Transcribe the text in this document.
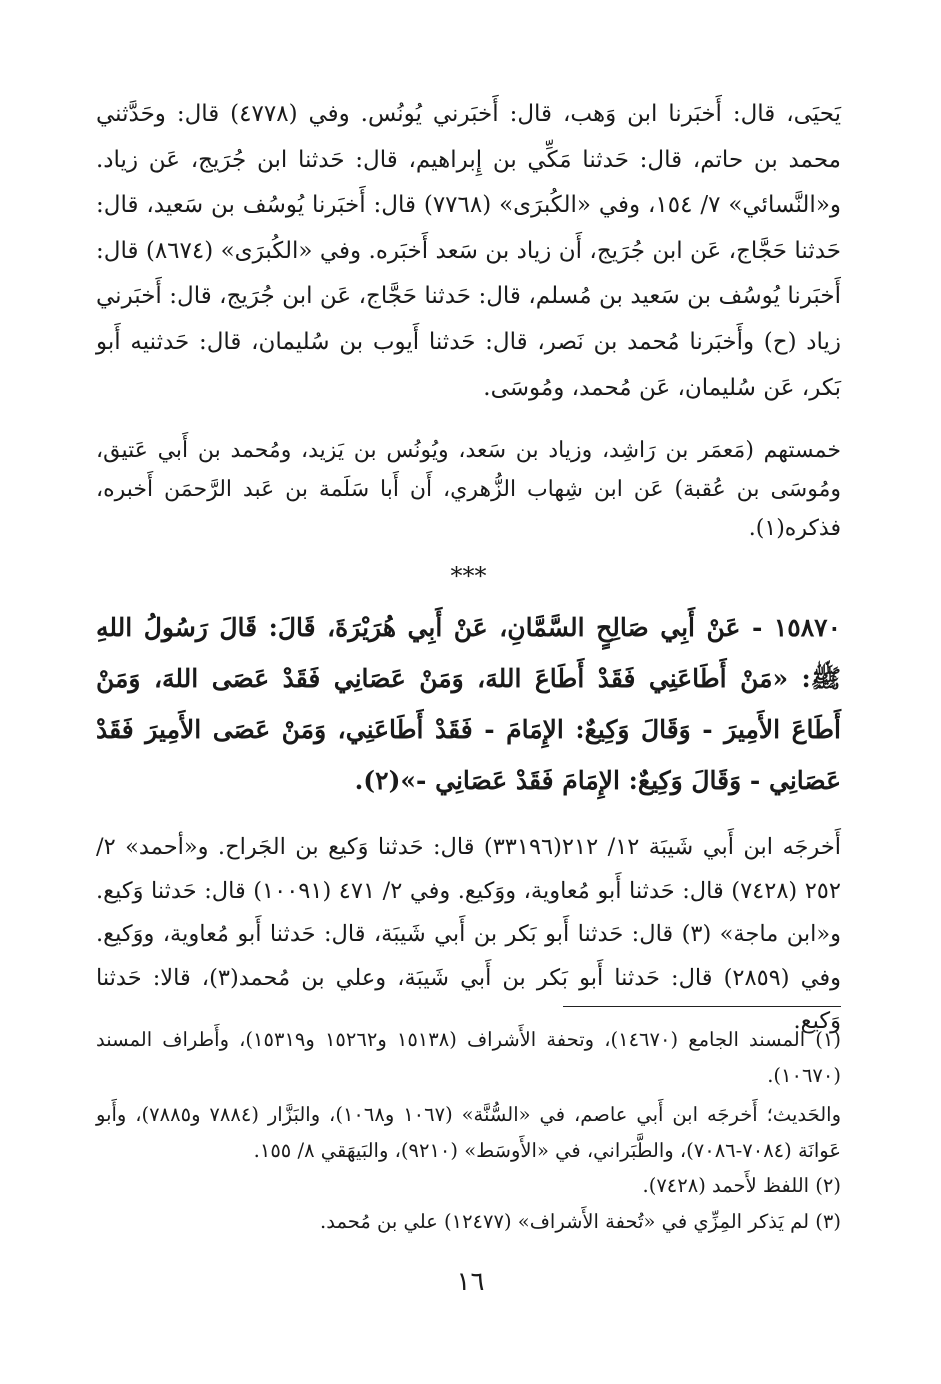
يَحيَى، قال: أَخبَرنا ابن وَهب، قال: أَخبَرني يُونُس. وفي (٤٧٧٨) قال: وحَدَّثني محمد بن حاتم، قال: حَدثنا مَكِّي بن إِبراهيم، قال: حَدثنا ابن جُرَيج، عَن زياد. و«النَّسائي» ٧/ ١٥٤، وفي «الكُبرَى» (٧٧٦٨) قال: أَخبَرنا يُوسُف بن سَعيد، قال: حَدثنا حَجَّاج، عَن ابن جُرَيج، أَن زياد بن سَعد أَخبَره. وفي «الكُبرَى» (٨٦٧٤) قال: أَخبَرنا يُوسُف بن سَعيد بن مُسلم، قال: حَدثنا حَجَّاج، عَن ابن جُرَيج، قال: أَخبَرني زياد (ح) وأَخبَرنا مُحمد بن نَصر، قال: حَدثنا أَيوب بن سُليمان، قال: حَدثنيه أَبو بَكر، عَن سُليمان، عَن مُحمد، ومُوسَى.

خمستهم (مَعمَر بن رَاشِد، وزياد بن سَعد، ويُونُس بن يَزيد، ومُحمد بن أَبي عَتيق، ومُوسَى بن عُقبة) عَن ابن شِهاب الزُّهري، أَن أَبا سَلَمة بن عَبد الرَّحمَن أَخبره، فذكره(١).

***

١٥٨٧٠ - عَنْ أَبِي صَالِحٍ السَّمَّانِ، عَنْ أَبِي هُرَيْرَةَ، قَالَ: قَالَ رَسُولُ اللهِ ﷺ: «مَنْ أَطَاعَنِي فَقَدْ أَطَاعَ اللهَ، وَمَنْ عَصَانِي فَقَدْ عَصَى اللهَ، وَمَنْ أَطَاعَ الأَمِيرَ - وَقَالَ وَكِيعٌ: الإِمَامَ - فَقَدْ أَطَاعَنِي، وَمَنْ عَصَى الأَمِيرَ فَقَدْ عَصَانِي - وَقَالَ وَكِيعٌ: الإِمَامَ فَقَدْ عَصَانِي -»(٢).

أَخرجَه ابن أَبي شَيبَة ١٢/ ٢١٢(٣٣١٩٦) قال: حَدثنا وَكيع بن الجَراح. و«أحمد» ٢/ ٢٥٢ (٧٤٢٨) قال: حَدثنا أَبو مُعاوية، ووَكيع. وفي ٢/ ٤٧١ (١٠٠٩١) قال: حَدثنا وَكيع. و«ابن ماجة» (٣) قال: حَدثنا أَبو بَكر بن أَبي شَيبَة، قال: حَدثنا أَبو مُعاوية، ووَكيع. وفي (٢٨٥٩) قال: حَدثنا أَبو بَكر بن أَبي شَيبَة، وعلي بن مُحمد(٣)، قالا: حَدثنا وَكيع.

(١) المسند الجامع (١٤٦٧٠)، وتحفة الأَشراف (١٥١٣٨ و١٥٢٦٢ و١٥٣١٩)، وأَطراف المسند (١٠٦٧٠).

والحَديث؛ أَخرجَه ابن أَبي عاصم، في «السُّنَّة» (١٠٦٧ و١٠٦٨)، والبَزَّار (٧٨٨٤ و٧٨٨٥)، وأَبو عَوانَة (٧٠٨٤-٧٠٨٦)، والطَّبَراني، في «الأَوسَط» (٩٢١٠)، والبَيهَقي ٨/ ١٥٥.

(٢) اللفظ لأَحمد (٧٤٢٨).

(٣) لم يَذكر المِزِّي في «تُحفة الأَشراف» (١٢٤٧٧) علي بن مُحمد.

١٦
